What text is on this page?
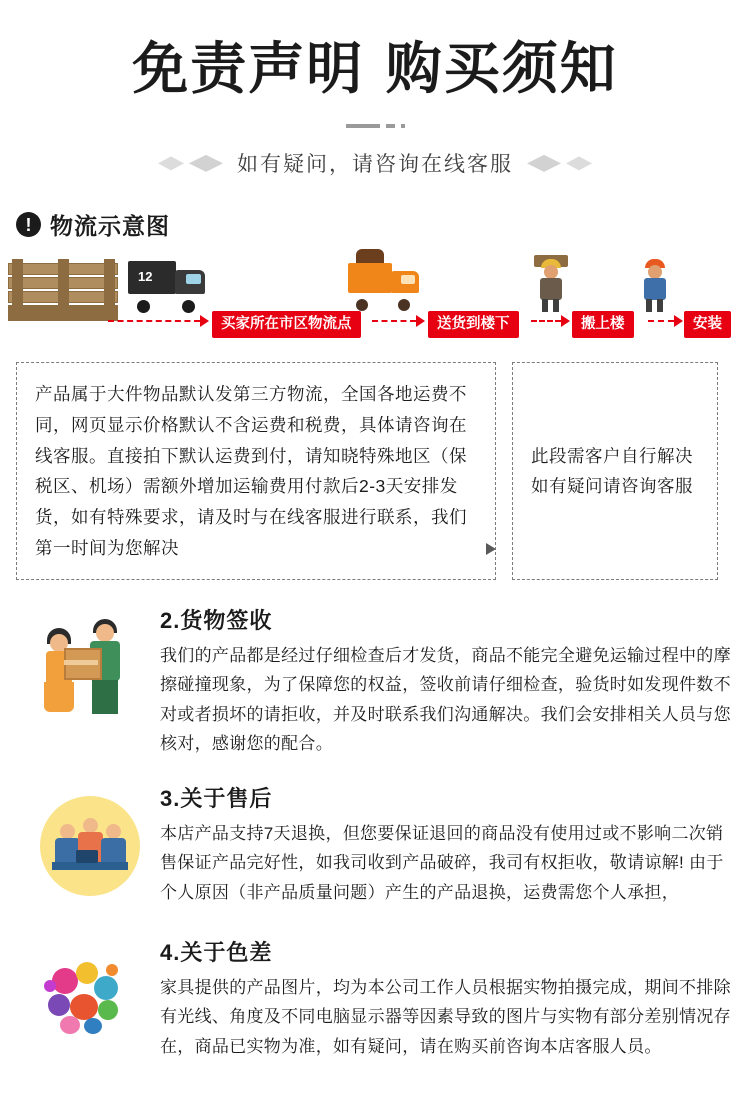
免责声明 购买须知
如有疑问，请咨询在线客服
! 物流示意图
12
买家所在市区物流点	送货到楼下	搬上楼	安装

产品属于大件物品默认发第三方物流，全国各地运费不同，网页显示价格默认不含运费和税费，具体请咨询在线客服。直接拍下默认运费到付，请知晓特殊地区（保税区、机场）需额外增加运输费用付款后2-3天安排发货，如有特殊要求，请及时与在线客服进行联系，我们第一时间为您解决

此段需客户自行解决
如有疑问请咨询客服

2.货物签收

我们的产品都是经过仔细检查后才发货，商品不能完全避免运输过程中的摩擦碰撞现象，为了保障您的权益，签收前请仔细检查，验货时如发现件数不对或者损坏的请拒收，并及时联系我们沟通解决。我们会安排相关人员与您核对，感谢您的配合。

3.关于售后

本店产品支持7天退换，但您要保证退回的商品没有使用过或不影响二次销售保证产品完好性，如我司收到产品破碎，我司有权拒收，敬请谅解! 由于个人原因（非产品质量问题）产生的产品退换，运费需您个人承担，

4.关于色差

家具提供的产品图片，均为本公司工作人员根据实物拍摄完成，期间不排除有光线、角度及不同电脑显示器等因素导致的图片与实物有部分差别情况存在，商品已实物为准，如有疑问，请在购买前咨询本店客服人员。
